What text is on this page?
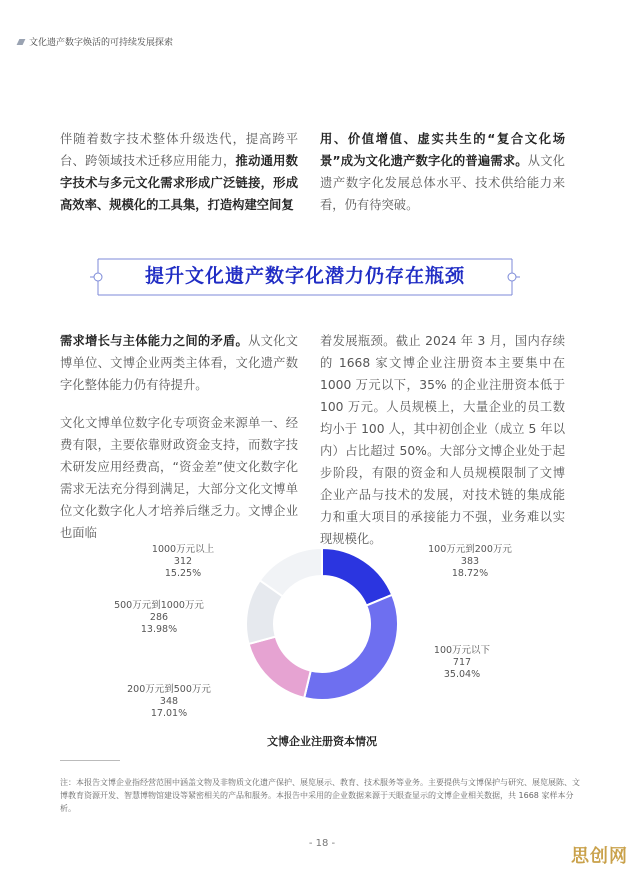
文化遗产数字焕活的可持续发展探索

伴随着数字技术整体升级迭代，提高跨平台、跨领域技术迁移应用能力，推动通用数字技术与多元文化需求形成广泛链接，形成高效率、规模化的工具集，打造构建空间复

用、价值增值、虚实共生的“复合文化场景”成为文化遗产数字化的普遍需求。从文化遗产数字化发展总体水平、技术供给能力来看，仍有待突破。

提升文化遗产数字化潜力仍存在瓶颈

需求增长与主体能力之间的矛盾。从文化文博单位、文博企业两类主体看，文化遗产数字化整体能力仍有待提升。

文化文博单位数字化专项资金来源单一、经费有限，主要依靠财政资金支持，而数字技术研发应用经费高，“资金差”使文化数字化需求无法充分得到满足，大部分文化文博单位文化数字化人才培养后继乏力。文博企业也面临

着发展瓶颈。截止 2024 年 3 月，国内存续的 1668 家文博企业注册资本主要集中在 1000 万元以下，35% 的企业注册资本低于 100 万元。人员规模上，大量企业的员工数均小于 100 人，其中初创企业（成立 5 年以内）占比超过 50%。大部分文博企业处于起步阶段，有限的资金和人员规模限制了文博企业产品与技术的发展，对技术链的集成能力和重大项目的承接能力不强，业务难以实现规模化。

1000万元以上
312
15.25%
500万元到1000万元
286
13.98%
200万元到500万元
348
17.01%
100万元到200万元
383
18.72%
100万元以下
717
35.04%
文博企业注册资本情况
注：本报告文博企业指经营范围中涵盖文物及非物质文化遗产保护、展览展示、教育、技术服务等业务。主要提供与文博保护与研究、展览展陈、文博教育资源开发、智慧博物馆建设等紧密相关的产品和服务。本报告中采用的企业数据来源于天眼查显示的文博企业相关数据，共 1668 家样本分析。
- 18 -
思创网
